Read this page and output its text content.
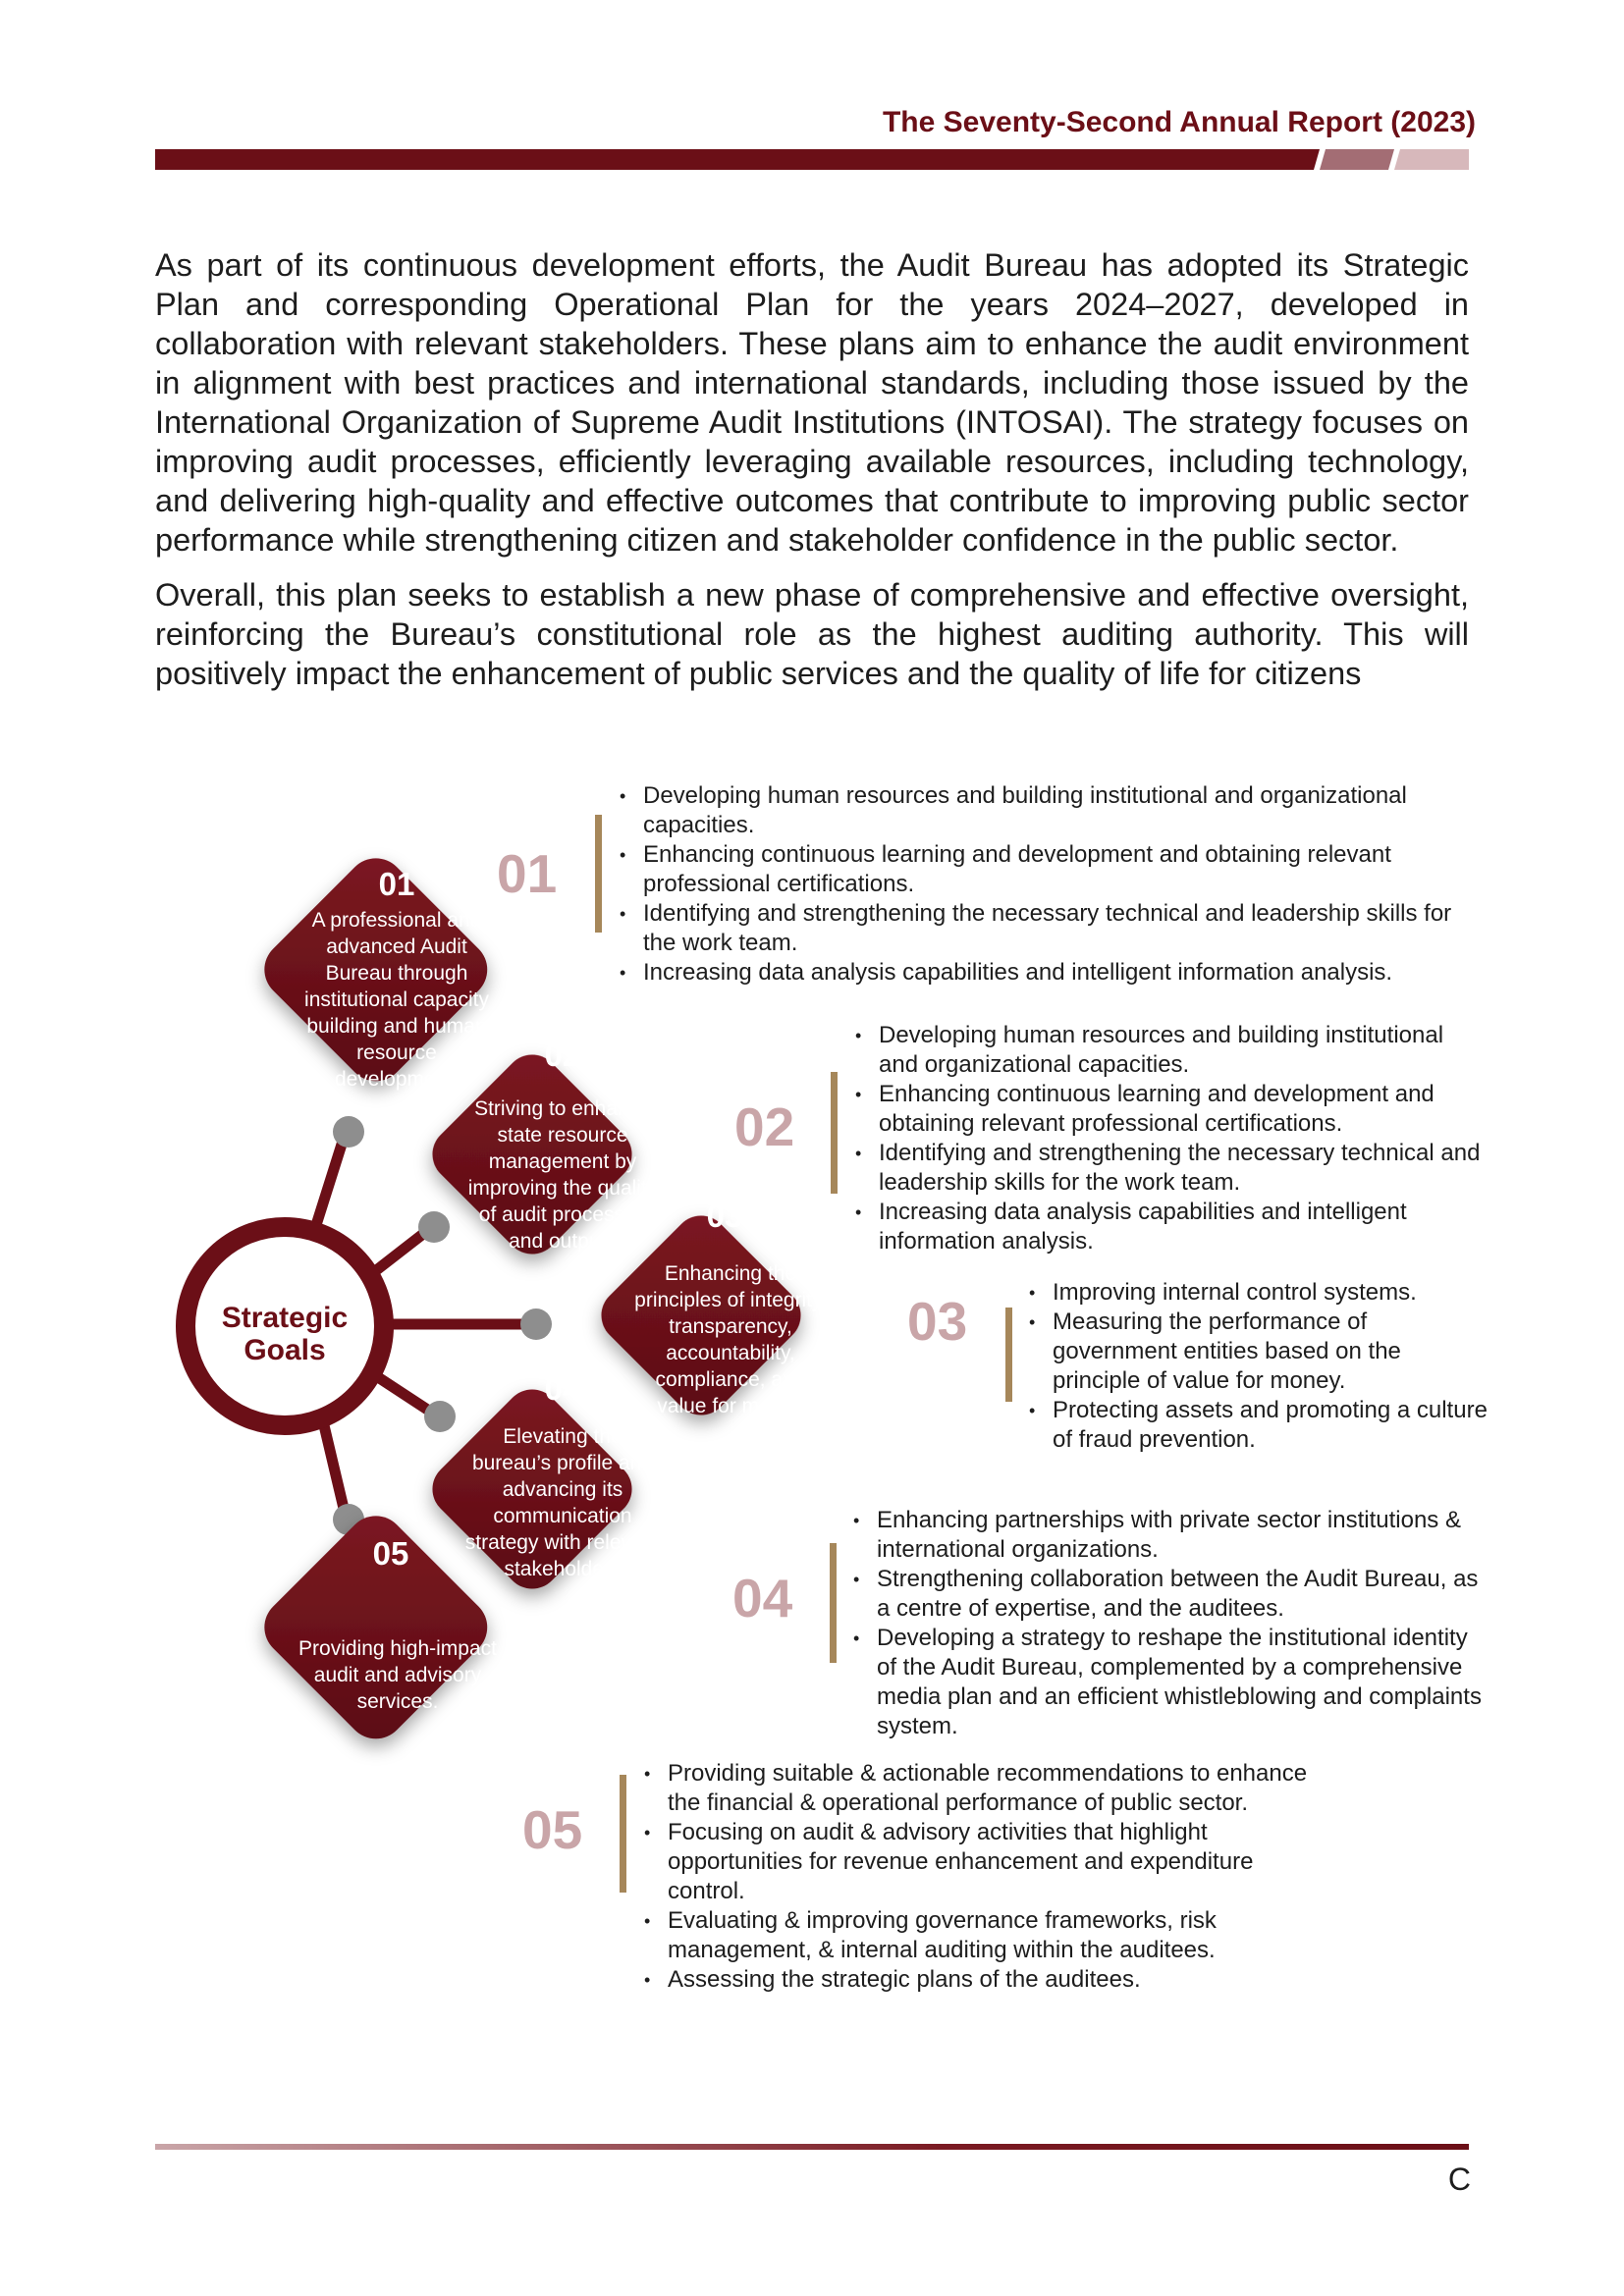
The Seventy-Second Annual Report (2023)
As part of its continuous development efforts, the Audit Bureau has adopted its Strategic Plan and corresponding Operational Plan for the years 2024–2027, developed in collaboration with relevant stakeholders. These plans aim to enhance the audit environment in alignment with best practices and international standards, including those issued by the International Organization of Supreme Audit Institutions (INTOSAI). The strategy focuses on improving audit processes, efficiently leveraging available resources, including technology, and delivering high-quality and effective outcomes that contribute to improving public sector performance while strengthening citizen and stakeholder confidence in the public sector.
Overall, this plan seeks to establish a new phase of comprehensive and effective oversight, reinforcing the Bureau’s constitutional role as the highest auditing authority. This will positively impact the enhancement of public services and the quality of life for citizens
Strategic
Goals
01
A professional and advanced Audit Bureau through institutional capacity building and human resource development.
02
Striving to enhance state resource management by improving the quality of audit processes and outputs
03
Enhancing the principles of integrity, transparency, accountability, compliance, and value for money
04
Elevating the bureau’s profile and advancing its communication strategy with relevant stakeholders
05
Providing high-impact audit and advisory services.
01
• Developing human resources and building institutional and organizational capacities.
• Enhancing continuous learning and development and obtaining relevant professional certifications.
• Identifying and strengthening the necessary technical and leadership skills for the work team.
• Increasing data analysis capabilities and intelligent information analysis.
02
• Developing human resources and building institutional and organizational capacities.
• Enhancing continuous learning and development and obtaining relevant professional certifications.
• Identifying and strengthening the necessary technical and leadership skills for the work team.
• Increasing data analysis capabilities and intelligent information analysis.
03
•	Improving internal control systems.
• Measuring the performance of government entities based on the principle of value for money.
• Protecting assets and promoting a culture of fraud prevention.
04
• Enhancing partnerships with private sector institutions & international organizations.
• Strengthening collaboration between the Audit Bureau, as a centre of expertise, and the auditees.
• Developing a strategy to reshape the institutional identity of the Audit Bureau, complemented by a comprehensive media plan and an efficient whistleblowing and complaints system.
05
• Providing suitable & actionable recommendations to enhance the financial & operational performance of public sector.
• Focusing on audit & advisory activities that highlight opportunities for revenue enhancement and expenditure control.
• Evaluating & improving governance frameworks, risk management, & internal auditing within the auditees.
• Assessing the strategic plans of the auditees.
C
